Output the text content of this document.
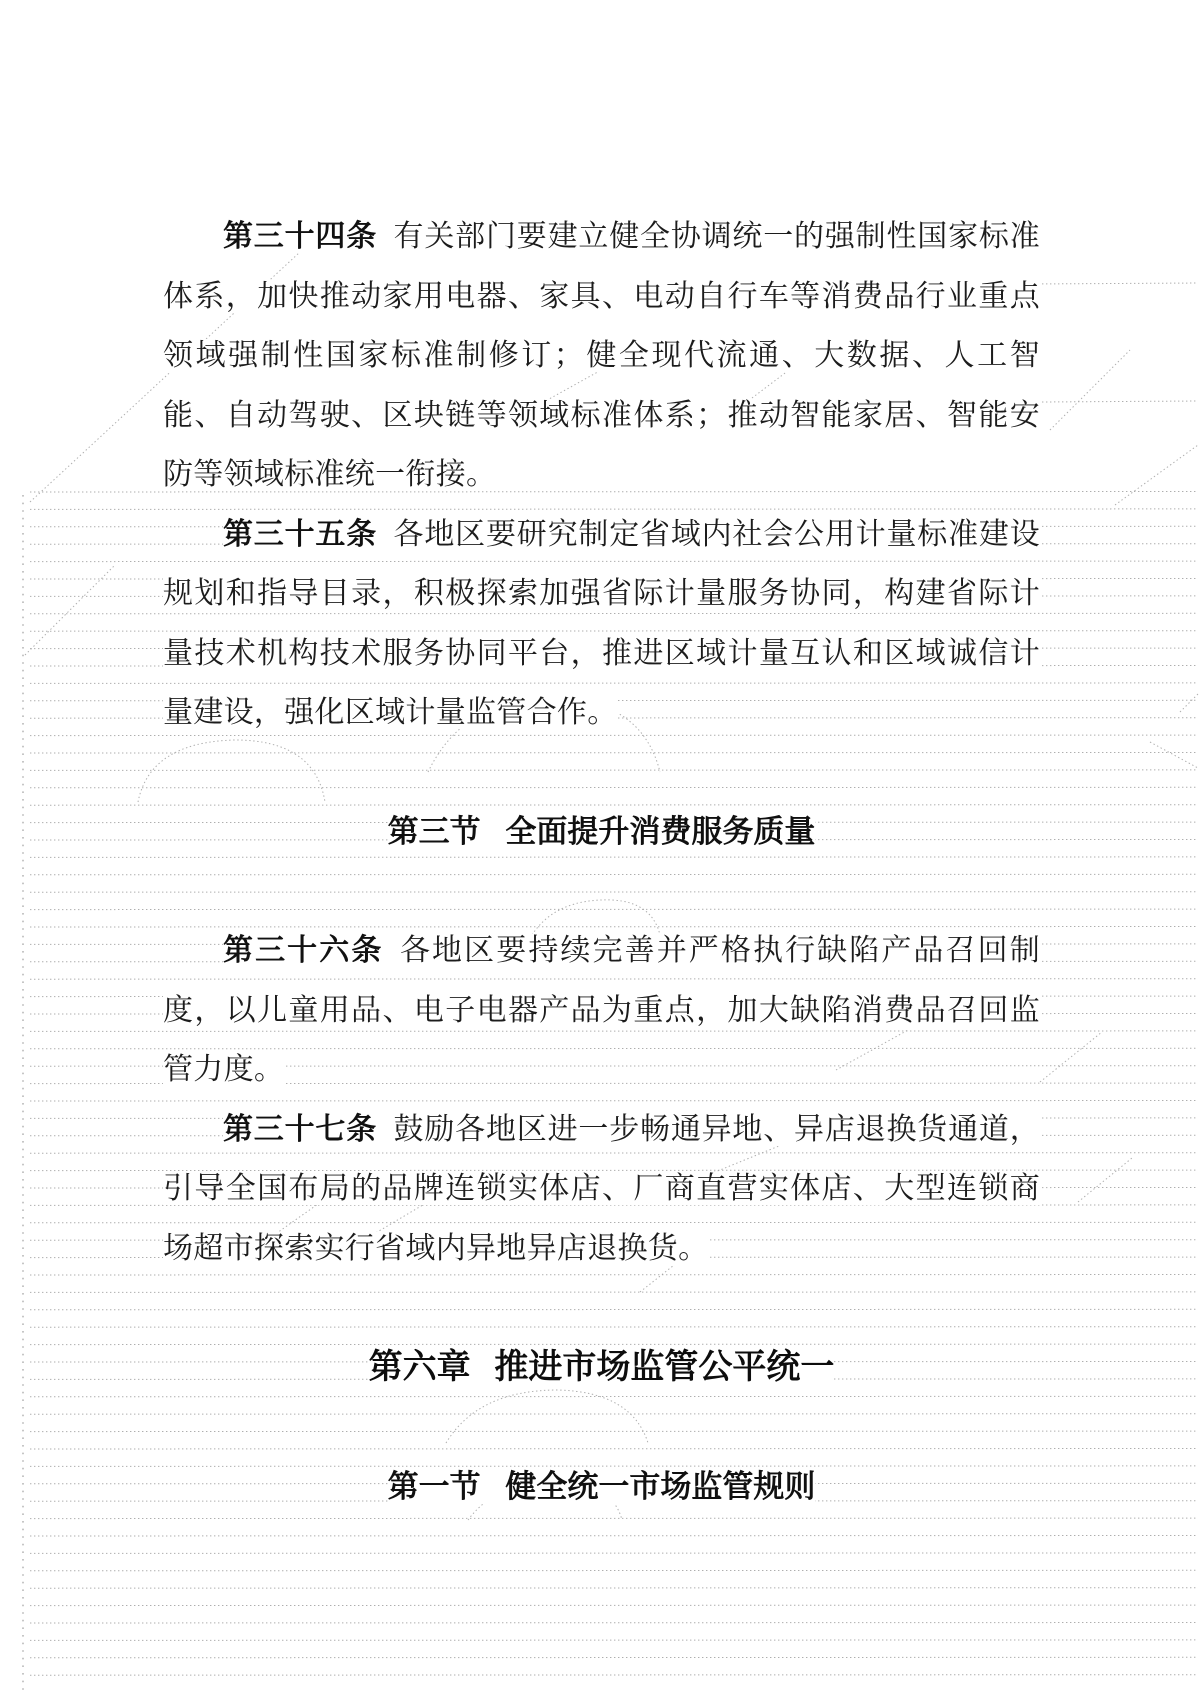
第三十四条 有关部门要建立健全协调统一的强制性国家标准体系，加快推动家用电器、家具、电动自行车等消费品行业重点领域强制性国家标准制修订；健全现代流通、大数据、人工智能、自动驾驶、区块链等领域标准体系；推动智能家居、智能安防等领域标准统一衔接。

第三十五条 各地区要研究制定省域内社会公用计量标准建设规划和指导目录，积极探索加强省际计量服务协同，构建省际计量技术机构技术服务协同平台，推进区域计量互认和区域诚信计量建设，强化区域计量监管合作。

第三节 全面提升消费服务质量

第三十六条 各地区要持续完善并严格执行缺陷产品召回制度，以儿童用品、电子电器产品为重点，加大缺陷消费品召回监管力度。

第三十七条 鼓励各地区进一步畅通异地、异店退换货通道，引导全国布局的品牌连锁实体店、厂商直营实体店、大型连锁商场超市探索实行省域内异地异店退换货。

第六章 推进市场监管公平统一
第一节 健全统一市场监管规则
